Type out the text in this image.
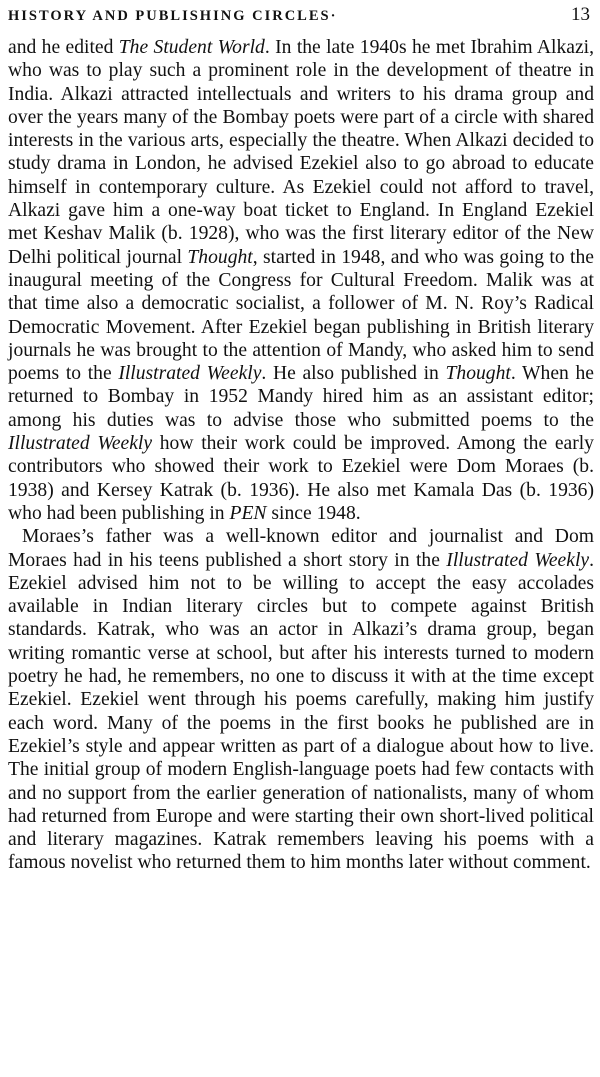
HISTORY AND PUBLISHING CIRCLES·	13

and he edited The Student World. In the late 1940s he met Ibrahim Alkazi, who was to play such a prominent role in the development of theatre in India. Alkazi attracted intellectuals and writers to his drama group and over the years many of the Bombay poets were part of a circle with shared interests in the various arts, especially the theatre. When Alkazi decided to study drama in London, he advised Ezekiel also to go abroad to educate himself in contemporary culture. As Ezekiel could not afford to travel, Alkazi gave him a one-way boat ticket to England. In England Ezekiel met Keshav Malik (b. 1928), who was the first literary editor of the New Delhi political journal Thought, started in 1948, and who was going to the inaugural meeting of the Congress for Cultural Freedom. Malik was at that time also a democratic socialist, a follower of M. N. Roy’s Radical Democratic Movement. After Ezekiel began publishing in British literary journals he was brought to the attention of Mandy, who asked him to send poems to the Illustrated Weekly. He also published in Thought. When he returned to Bombay in 1952 Mandy hired him as an assistant editor; among his duties was to advise those who submitted poems to the Illustrated Weekly how their work could be improved. Among the early contributors who showed their work to Ezekiel were Dom Moraes (b. 1938) and Kersey Katrak (b. 1936). He also met Kamala Das (b. 1936) who had been publishing in PEN since 1948.

Moraes’s father was a well-known editor and journalist and Dom Moraes had in his teens published a short story in the Illustrated Weekly. Ezekiel advised him not to be willing to accept the easy accolades available in Indian literary circles but to compete against British standards. Katrak, who was an actor in Alkazi’s drama group, began writing romantic verse at school, but after his interests turned to modern poetry he had, he remembers, no one to discuss it with at the time except Ezekiel. Ezekiel went through his poems carefully, making him justify each word. Many of the poems in the first books he published are in Ezekiel’s style and appear written as part of a dialogue about how to live. The initial group of modern English-language poets had few contacts with and no support from the earlier generation of nationalists, many of whom had returned from Europe and were starting their own short-lived political and literary magazines. Katrak remembers leaving his poems with a famous novelist who returned them to him months later without comment.
